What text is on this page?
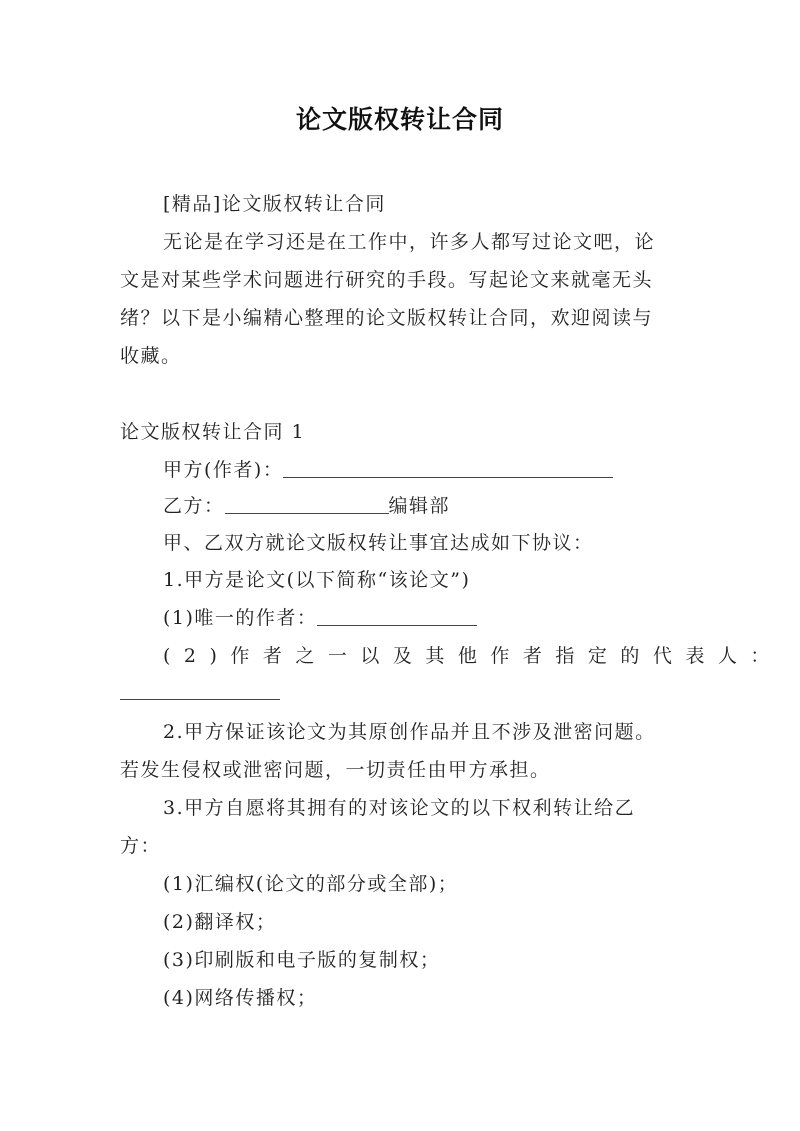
论文版权转让合同
[精品]论文版权转让合同
无论是在学习还是在工作中，许多人都写过论文吧，论
文是对某些学术问题进行研究的手段。写起论文来就毫无头
绪？以下是小编精心整理的论文版权转让合同，欢迎阅读与
收藏。
论文版权转让合同 1
甲方(作者)：
乙方：	编辑部
甲、乙双方就论文版权转让事宜达成如下协议：
1.甲方是论文(以下简称“该论文”)
(1)唯一的作者：
(2)作者之一以及其他作者指定的代表人：
2.甲方保证该论文为其原创作品并且不涉及泄密问题。
若发生侵权或泄密问题，一切责任由甲方承担。
3.甲方自愿将其拥有的对该论文的以下权利转让给乙
方：
(1)汇编权(论文的部分或全部)；
(2)翻译权；
(3)印刷版和电子版的复制权；
(4)网络传播权；
